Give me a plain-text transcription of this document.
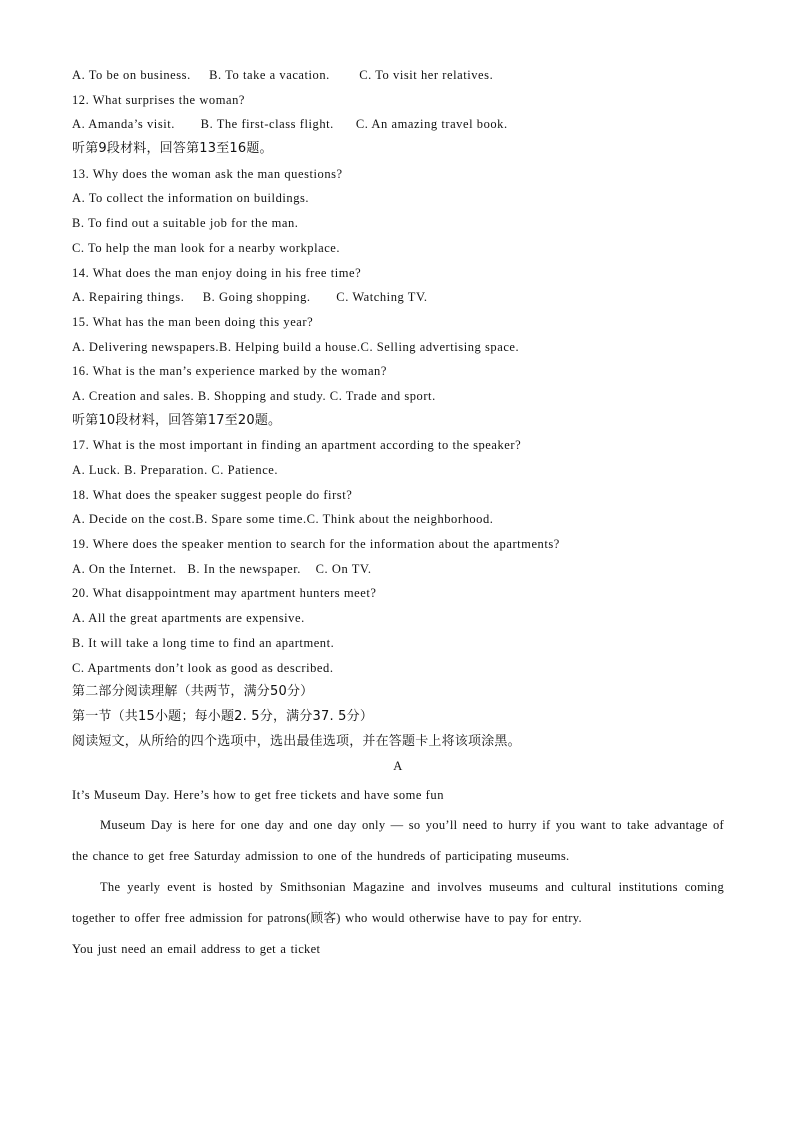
A. To be on business.     B. To take a vacation.        C. To visit her relatives.
12. What surprises the woman?
A. Amanda’s visit.       B. The first-class flight.      C. An amazing travel book.
听第9段材料，回答第13至16题。
13. Why does the woman ask the man questions?
A. To collect the information on buildings.
B. To find out a suitable job for the man.
C. To help the man look for a nearby workplace.
14. What does the man enjoy doing in his free time?
A. Repairing things.     B. Going shopping.       C. Watching TV.
15. What has the man been doing this year?
A. Delivering newspapers.B. Helping build a house.C. Selling advertising space.
16. What is the man’s experience marked by the woman?
A. Creation and sales. B. Shopping and study. C. Trade and sport.
听第10段材料，回答第17至20题。
17. What is the most important in finding an apartment according to the speaker?
A. Luck. B. Preparation. C. Patience.
18. What does the speaker suggest people do first?
A. Decide on the cost.B. Spare some time.C. Think about the neighborhood.
19. Where does the speaker mention to search for the information about the apartments?
A. On the Internet.   B. In the newspaper.    C. On TV.
20. What disappointment may apartment hunters meet?
A. All the great apartments are expensive.
B. It will take a long time to find an apartment.
C. Apartments don’t look as good as described.
第二部分阅读理解（共两节，满分50分）
第一节（共15小题；每小题2. 5分，满分37. 5分）
阅读短文，从所给的四个选项中，选出最佳选项，并在答题卡上将该项涂黑。
A
It’s Museum Day. Here’s how to get free tickets and have some fun
Museum Day is here for one day and one day only — so you’ll need to hurry if you want to take advantage of the chance to get free Saturday admission to one of the hundreds of participating museums.
The yearly event is hosted by Smithsonian Magazine and involves museums and cultural institutions coming together to offer free admission for patrons(顾客) who would otherwise have to pay for entry.
You just need an email address to get a ticket
